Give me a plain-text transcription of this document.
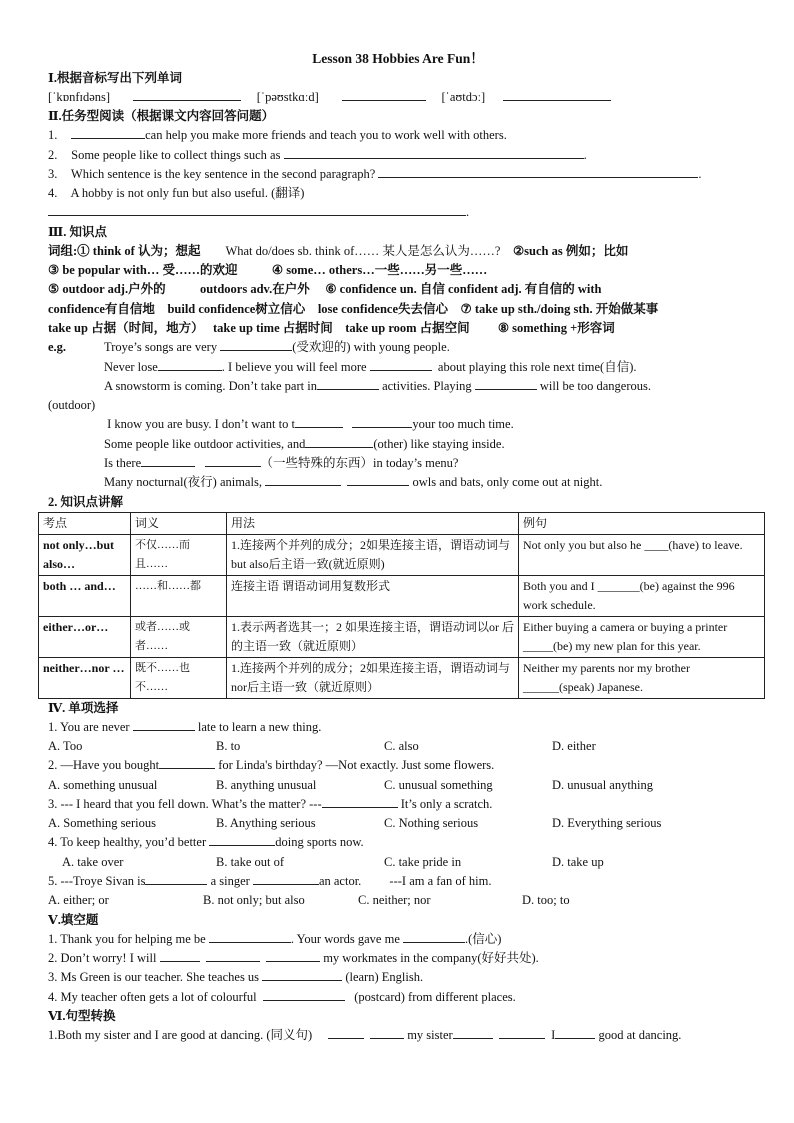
Lesson 38 Hobbies Are Fun！
Ⅰ.根据音标写出下列单词
[ˈkɒnfɪdəns]	[ˈpəʊstkɑːd]	[ˈaʊtdɔː]
Ⅱ.任务型阅读（根据课文内容回答问题）
1.	can help you make more friends and teach you to work well with others.
2. Some people like to collect things such as	.
3. Which sentence is the key sentence in the second paragraph?	.
4. A hobby is not only fun but also useful. (翻译)
.
Ⅲ. 知识点
词组:① think of 认为；想起 What do/does sb. think of…… 某人是怎么认为……? ②such as 例如；比如
③ be popular with… 受……的欢迎	④ some… others…一些……另一些……
⑤ outdoor adj.户外的	outdoors adv.在户外 ⑥ confidence un. 自信 confident adj. 有自信的 with
confidence有自信地 build confidence树立信心 lose confidence失去信心 ⑦ take up sth./doing sth. 开始做某事
take up 占据（时间，地方） take up time 占据时间 take up room 占据空间 ⑧ something +形容词
e.g.	Troye’s songs are very	(受欢迎的) with young people.
Never lose	. I believe you will feel more	about playing this role next time(自信).
A snowstorm is coming. Don’t take part in	activities. Playing	will be too dangerous.
(outdoor)
I know you are busy. I don’t want to t	your too much time.
Some people like outdoor activities, and	(other) like staying inside.
Is there	（一些特殊的东西）in today’s menu?
Many nocturnal(夜行) animals,	owls and bats, only come out at night.
2. 知识点讲解
考点	词义	用法	例句
not only…but also…	不仅……而且……	1.连接两个并列的成分；2如果连接主语，谓语动词与but also后主语一致(就近原则)	Not only you but also he ____(have) to leave.
both … and…	……和……都	连接主语 谓语动词用复数形式	Both you and I _______(be) against the 996 work schedule.
either…or…	或者……或者……	1.表示两者选其一；2 如果连接主语，谓语动词以or 后的主语一致（就近原则）	Either buying a camera or buying a printer _____(be) my new plan for this year.
neither…nor …	既不……也不……	1.连接两个并列的成分；2如果连接主语，谓语动词与nor后主语一致（就近原则）	Neither my parents nor my brother ______(speak) Japanese.
Ⅳ. 单项选择
1. You are never	late to learn a new thing.
A. Too	B. to	C. also	D. either
2. —Have you bought	for Linda's birthday? —Not exactly. Just some flowers.
A. something unusual	B. anything unusual	C. unusual something	D. unusual anything
3. --- I heard that you fell down. What’s the matter? ---	It’s only a scratch.
A. Something serious	B. Anything serious	C. Nothing serious	D. Everything serious
4. To keep healthy, you’d better	doing sports now.
A. take over	B. take out of	C. take pride in	D. take up
5. ---Troye Sivan is	a singer	an actor. ---I am a fan of him.
A. either; or	B. not only; but also	C. neither; nor	D. too; to
Ⅴ.填空题
1. Thank you for helping me be	. Your words gave me	.(信心)
2. Don’t worry! I will	my workmates in the company(好好共处).
3. Ms Green is our teacher. She teaches us	(learn) English.
4. My teacher often gets a lot of colourful	(postcard) from different places.
Ⅵ.句型转换
1.Both my sister and I are good at dancing. (同义句)	my sister	I	good at dancing.
